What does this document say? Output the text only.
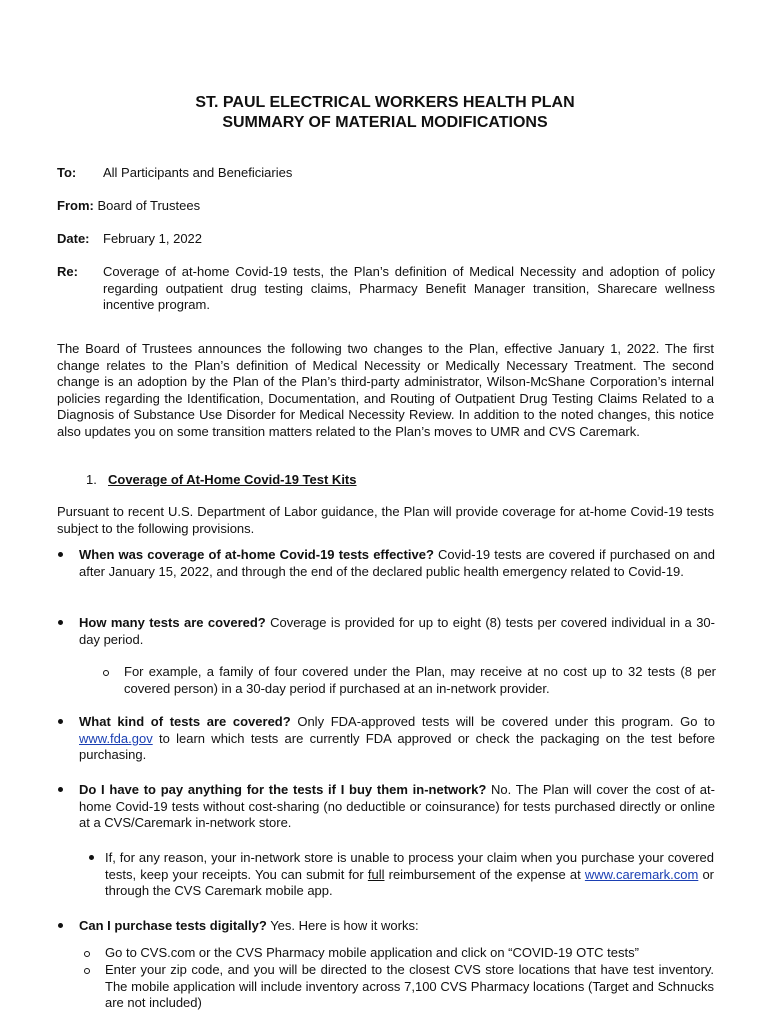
ST. PAUL ELECTRICAL WORKERS HEALTH PLAN
SUMMARY OF MATERIAL MODIFICATIONS
To: All Participants and Beneficiaries
From: Board of Trustees
Date: February 1, 2022
Re: Coverage of at-home Covid-19 tests, the Plan’s definition of Medical Necessity and adoption of policy regarding outpatient drug testing claims, Pharmacy Benefit Manager transition, Sharecare wellness incentive program.
The Board of Trustees announces the following two changes to the Plan, effective January 1, 2022. The first change relates to the Plan’s definition of Medical Necessity or Medically Necessary Treatment. The second change is an adoption by the Plan of the Plan’s third-party administrator, Wilson-McShane Corporation’s internal policies regarding the Identification, Documentation, and Routing of Outpatient Drug Testing Claims Related to a Diagnosis of Substance Use Disorder for Medical Necessity Review. In addition to the noted changes, this notice also updates you on some transition matters related to the Plan’s moves to UMR and CVS Caremark.
1. Coverage of At-Home Covid-19 Test Kits
Pursuant to recent U.S. Department of Labor guidance, the Plan will provide coverage for at-home Covid-19 tests subject to the following provisions.
When was coverage of at-home Covid-19 tests effective? Covid-19 tests are covered if purchased on and after January 15, 2022, and through the end of the declared public health emergency related to Covid-19.
How many tests are covered? Coverage is provided for up to eight (8) tests per covered individual in a 30-day period.
For example, a family of four covered under the Plan, may receive at no cost up to 32 tests (8 per covered person) in a 30-day period if purchased at an in-network provider.
What kind of tests are covered? Only FDA-approved tests will be covered under this program. Go to www.fda.gov to learn which tests are currently FDA approved or check the packaging on the test before purchasing.
Do I have to pay anything for the tests if I buy them in-network? No. The Plan will cover the cost of at-home Covid-19 tests without cost-sharing (no deductible or coinsurance) for tests purchased directly or online at a CVS/Caremark in-network store.
If, for any reason, your in-network store is unable to process your claim when you purchase your covered tests, keep your receipts. You can submit for full reimbursement of the expense at www.caremark.com or through the CVS Caremark mobile app.
Can I purchase tests digitally? Yes. Here is how it works:
Go to CVS.com or the CVS Pharmacy mobile application and click on “COVID-19 OTC tests”
Enter your zip code, and you will be directed to the closest CVS store locations that have test inventory. The mobile application will include inventory across 7,100 CVS Pharmacy locations (Target and Schnucks are not included)
